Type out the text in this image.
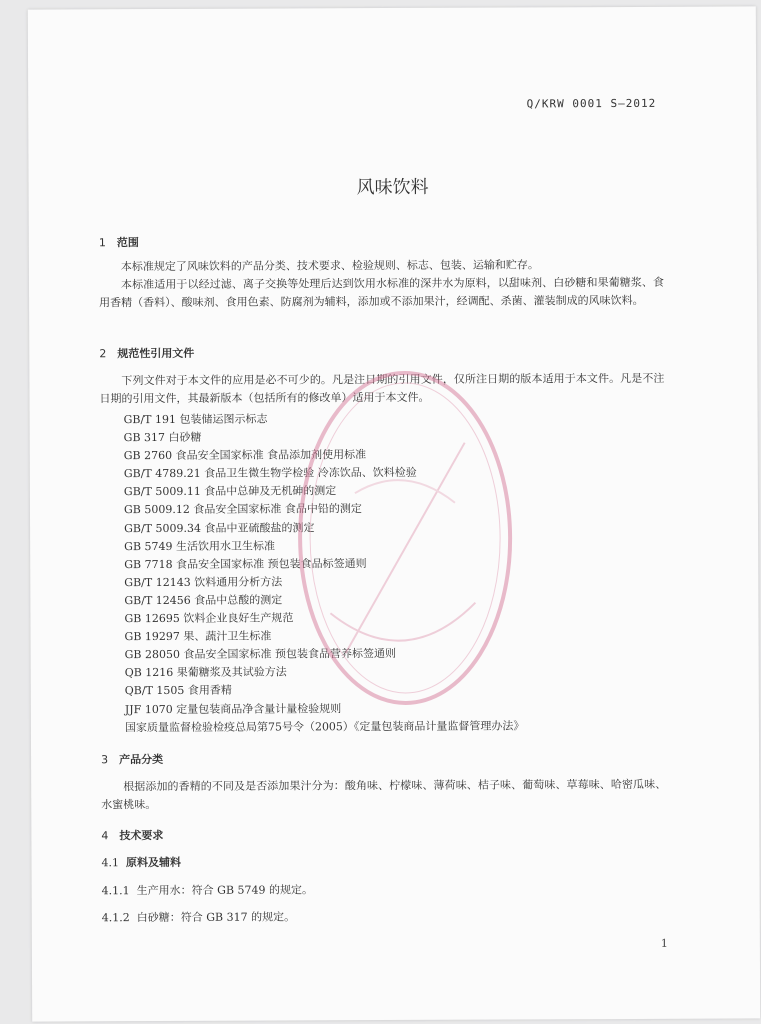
Q/KRW 0001 S—2012
风味饮料
1 范围
本标准规定了风味饮料的产品分类、技术要求、检验规则、标志、包装、运输和贮存。
本标准适用于以经过滤、离子交换等处理后达到饮用水标准的深井水为原料，以甜味剂、白砂糖和果葡糖浆、食用香精（香料）、酸味剂、食用色素、防腐剂为辅料，添加或不添加果汁，经调配、杀菌、灌装制成的风味饮料。
2 规范性引用文件
下列文件对于本文件的应用是必不可少的。凡是注日期的引用文件，仅所注日期的版本适用于本文件。凡是不注日期的引用文件，其最新版本（包括所有的修改单）适用于本文件。
GB/T 191 包装储运图示标志
GB 317 白砂糖
GB 2760 食品安全国家标准 食品添加剂使用标准
GB/T 4789.21 食品卫生微生物学检验 冷冻饮品、饮料检验
GB/T 5009.11 食品中总砷及无机砷的测定
GB 5009.12 食品安全国家标准 食品中铅的测定
GB/T 5009.34 食品中亚硫酸盐的测定
GB 5749 生活饮用水卫生标准
GB 7718 食品安全国家标准 预包装食品标签通则
GB/T 12143 饮料通用分析方法
GB/T 12456 食品中总酸的测定
GB 12695 饮料企业良好生产规范
GB 19297 果、蔬汁卫生标准
GB 28050 食品安全国家标准 预包装食品营养标签通则
QB 1216 果葡糖浆及其试验方法
QB/T 1505 食用香精
JJF 1070 定量包装商品净含量计量检验规则
国家质量监督检验检疫总局第75号令（2005）《定量包装商品计量监督管理办法》
3 产品分类
根据添加的香精的不同及是否添加果汁分为：酸角味、柠檬味、薄荷味、桔子味、葡萄味、草莓味、哈密瓜味、水蜜桃味。
4 技术要求
4.1 原料及辅料
4.1.1 生产用水：符合 GB 5749 的规定。
4.1.2 白砂糖：符合 GB 317 的规定。
1
